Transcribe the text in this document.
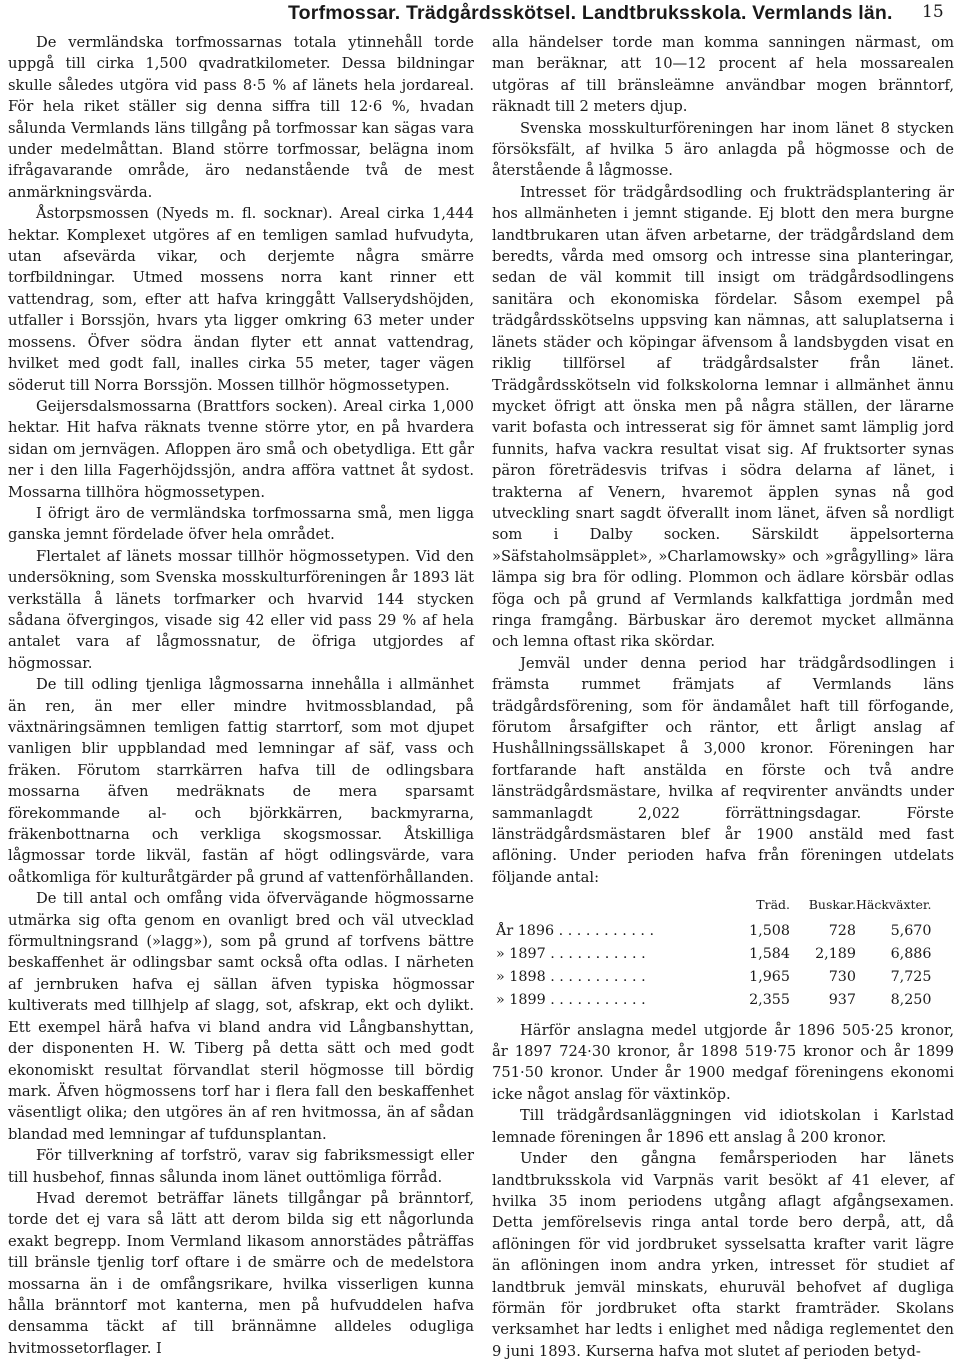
Torfmossar. Trädgårdsskötsel. Landtbruksskola. Vermlands län. 15

De vermländska torfmossarnas totala ytinnehåll torde uppgå till cirka 1,500 qvadratkilometer. Dessa bildningar skulle således utgöra vid pass 8·5 % af länets hela jordareal. För hela riket ställer sig denna siffra till 12·6 %, hvadan sålunda Vermlands läns tillgång på torfmossar kan sägas vara under medelmåttan. Bland större torfmossar, belägna inom ifrågavarande område, äro nedanstående två de mest anmärkningsvärda.

Åstorpsmossen (Nyeds m. fl. socknar). Areal cirka 1,444 hektar. Komplexet utgöres af en temligen samlad hufvudyta, utan afsevärda vikar, och derjemte några smärre torfbildningar. Utmed mossens norra kant rinner ett vattendrag, som, efter att hafva kringgått Vallserydshöjden, utfaller i Borssjön, hvars yta ligger omkring 63 meter under mossens. Öfver södra ändan flyter ett annat vattendrag, hvilket med godt fall, inalles cirka 55 meter, tager vägen söderut till Norra Borssjön. Mossen tillhör högmossetypen.

Geijersdalsmossarna (Brattfors socken). Areal cirka 1,000 hektar. Hit hafva räknats tvenne större ytor, en på hvardera sidan om jernvägen. Afloppen äro små och obetydliga. Ett går ner i den lilla Fagerhöjdssjön, andra afföra vattnet åt sydost. Mossarna tillhöra högmossetypen.

I öfrigt äro de vermländska torfmossarna små, men ligga ganska jemnt fördelade öfver hela området.

Flertalet af länets mossar tillhör högmossetypen. Vid den undersökning, som Svenska mosskulturföreningen år 1893 lät verkställa å länets torfmarker och hvarvid 144 stycken sådana öfvergingos, visade sig 42 eller vid pass 29 % af hela antalet vara af lågmossnatur, de öfriga utgjordes af högmossar.

De till odling tjenliga lågmossarna innehålla i allmänhet än ren, än mer eller mindre hvitmossblandad, på växtnäringsämnen temligen fattig starrtorf, som mot djupet vanligen blir uppblandad med lemningar af säf, vass och fräken. Förutom starrkärren hafva till de odlingsbara mossarna äfven medräknats de mera sparsamt förekommande al- och björkkärren, backmyrarna, fräkenbottnarna och verkliga skogsmossar. Åtskilliga lågmossar torde likväl, fastän af högt odlingsvärde, vara oåtkomliga för kulturåtgärder på grund af vattenförhållanden.

De till antal och omfång vida öfvervägande högmossarne utmärka sig ofta genom en ovanligt bred och väl utvecklad förmultningsrand (»lagg»), som på grund af torfvens bättre beskaffenhet är odlingsbar samt också ofta odlas. I närheten af jernbruken hafva ej sällan äfven typiska högmossar kultiverats med tillhjelp af slagg, sot, afskrap, ekt och dylikt. Ett exempel härå hafva vi bland andra vid Långbanshyttan, der disponenten H. W. Tiberg på detta sätt och med godt ekonomiskt resultat förvandlat steril högmosse till bördig mark. Äfven högmossens torf har i flera fall den beskaffenhet väsentligt olika; den utgöres än af ren hvitmossa, än af sådan blandad med lemningar af tufdunsplantan.

För tillverkning af torfströ, varav sig fabriksmessigt eller till husbehof, finnas sålunda inom länet outtömliga förråd.

Hvad deremot beträffar länets tillgångar på bränntorf, torde det ej vara så lätt att derom bilda sig ett någorlunda exakt begrepp. Inom Vermland likasom annorstädes påträffas till bränsle tjenlig torf oftare i de smärre och de medelstora mossarna än i de omfångsrikare, hvilka visserligen kunna hålla bränntorf mot kanterna, men på hufvuddelen hafva densamma täckt af till brännämne alldeles odugliga hvitmossetorflager. I

alla händelser torde man komma sanningen närmast, om man beräknar, att 10—12 procent af hela mossarealen utgöras af till bränsleämne användbar mogen bränntorf, räknadt till 2 meters djup.

Svenska mosskulturföreningen har inom länet 8 stycken försöksfält, af hvilka 5 äro anlagda på högmosse och de återstående å lågmosse.

Intresset för trädgårdsodling och frukträdsplantering är hos allmänheten i jemnt stigande. Ej blott den mera burgne landtbrukaren utan äfven arbetarne, der trädgårdsland dem beredts, vårda med omsorg och intresse sina planteringar, sedan de väl kommit till insigt om trädgårdsodlingens sanitära och ekonomiska fördelar. Såsom exempel på trädgårdsskötselns uppsving kan nämnas, att saluplatserna i länets städer och köpingar äfvensom å landsbygden visat en riklig tillförsel af trädgårdsalster från länet. Trädgårdsskötseln vid folkskolorna lemnar i allmänhet ännu mycket öfrigt att önska men på några ställen, der lärarne varit bofasta och intresserat sig för ämnet samt lämplig jord funnits, hafva vackra resultat visat sig. Af fruktsorter synas päron företrädesvis trifvas i södra delarna af länet, i trakterna af Venern, hvaremot äpplen synas nå god utveckling snart sagdt öfverallt inom länet, äfven så nordligt som i Dalby socken. Särskildt äppelsorterna »Säfstaholmsäpplet», »Charlamowsky» och »grågylling» lära lämpa sig bra för odling. Plommon och ädlare körsbär odlas föga och på grund af Vermlands kalkfattiga jordmån med ringa framgång. Bärbuskar äro deremot mycket allmänna och lemna oftast rika skördar.

Jemväl under denna period har trädgårdsodlingen i främsta rummet främjats af Vermlands läns trädgårdsförening, som för ändamålet haft till förfogande, förutom årsafgifter och räntor, ett årligt anslag af Hushållningssällskapet å 3,000 kronor. Föreningen har fortfarande haft anstälda en förste och två andre länsträdgårdsmästare, hvilka af reqvirenter användts under sammanlagdt 2,022 förrättningsdagar. Förste länsträdgårdsmästaren blef år 1900 anstäld med fast aflöning. Under perioden hafva från föreningen utdelats följande antal:

	Träd.	Buskar.	Häckväxter.
År 1896 . . . . . . . . . . .	1,508	728	5,670
» 1897 . . . . . . . . . . .	1,584	2,189	6,886
» 1898 . . . . . . . . . . .	1,965	730	7,725
» 1899 . . . . . . . . . . .	2,355	937	8,250

Härför anslagna medel utgjorde år 1896 505·25 kronor, år 1897 724·30 kronor, år 1898 519·75 kronor och år 1899 751·50 kronor. Under år 1900 medgaf föreningens ekonomi icke något anslag för växtinköp.

Till trädgårdsanläggningen vid idiotskolan i Karlstad lemnade föreningen år 1896 ett anslag å 200 kronor.

Under den gångna femårsperioden har länets landtbruksskola vid Varpnäs varit besökt af 41 elever, af hvilka 35 inom periodens utgång aflagt afgångsexamen. Detta jemförelsevis ringa antal torde bero derpå, att, då aflöningen för vid jordbruket sysselsatta krafter varit lägre än aflöningen inom andra yrken, intresset för studiet af landtbruk jemväl minskats, ehuruväl behofvet af dugliga förmän för jordbruket ofta starkt framträder. Skolans verksamhet har ledts i enlighet med nådiga reglementet den 9 juni 1893. Kurserna hafva mot slutet af perioden betyd-
